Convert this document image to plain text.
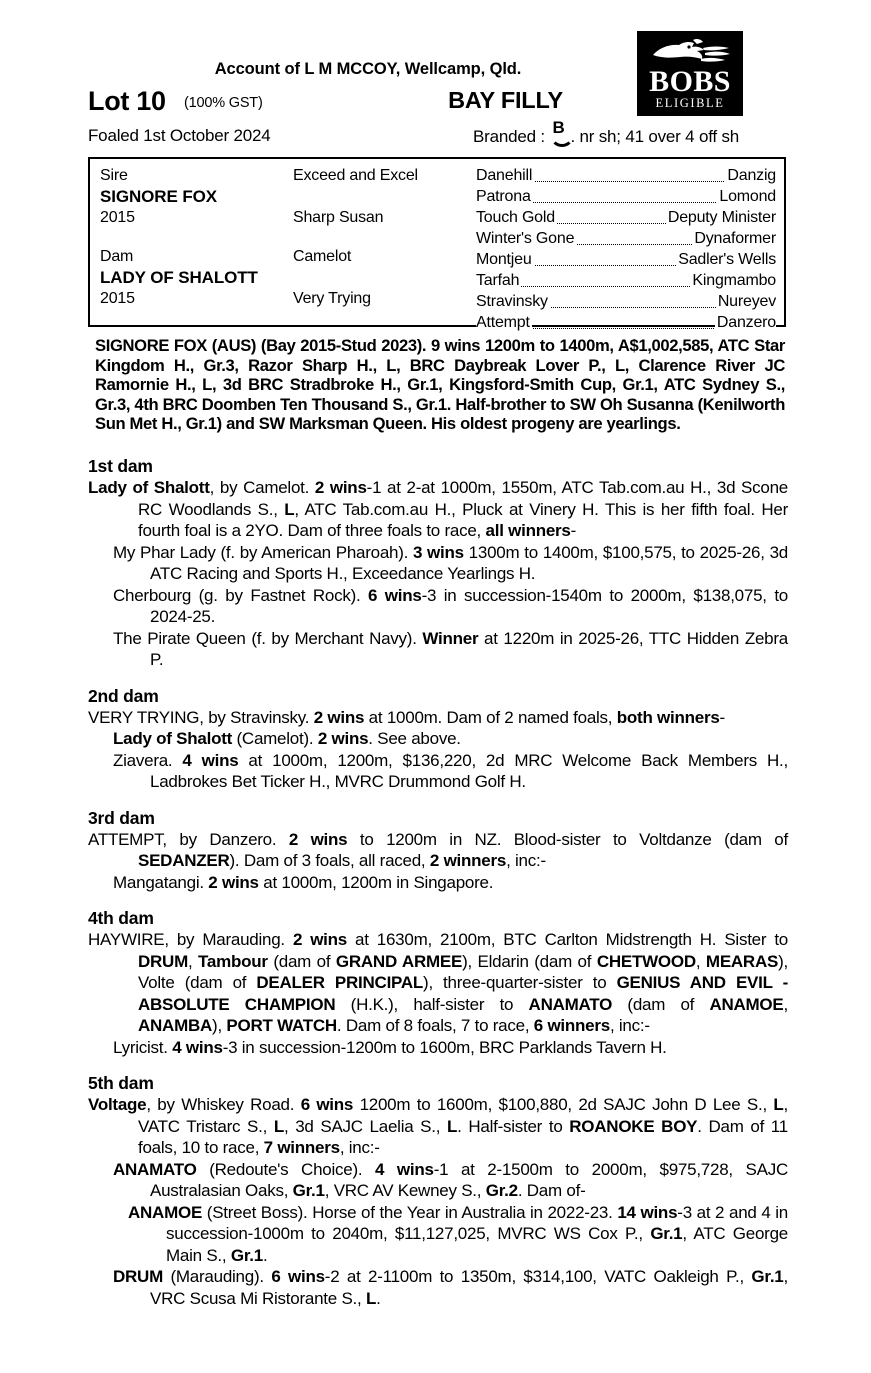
Account of L M MCCOY, Wellcamp, Qld.
Lot 10 (100% GST)	BAY FILLY
Foaled 1st October 2024	Branded : B . nr sh; 41 over 4 off sh
BOBS
ELIGIBLE
Sire
SIGNORE FOX
2015
Dam
LADY OF SHALOTT
2015
Exceed and Excel
Sharp Susan
Camelot
Very Trying
Danzig
Danehill
Lomond
Patrona
Deputy Minister
Touch Gold
Dynaformer
Winter's Gone
Sadler's Wells
Montjeu
Kingmambo
Tarfah
Nureyev
Stravinsky
Danzero
Attempt
SIGNORE FOX (AUS) (Bay 2015-Stud 2023). 9 wins 1200m to 1400m, A$1,002,585, ATC Star Kingdom H., Gr.3, Razor Sharp H., L, BRC Daybreak Lover P., L, Clarence River JC Ramornie H., L, 3d BRC Stradbroke H., Gr.1, Kingsford-Smith Cup, Gr.1, ATC Sydney S., Gr.3, 4th BRC Doomben Ten Thousand S., Gr.1. Half-brother to SW Oh Susanna (Kenilworth Sun Met H., Gr.1) and SW Marksman Queen. His oldest progeny are yearlings.
1st dam
Lady of Shalott, by Camelot. 2 wins-1 at 2-at 1000m, 1550m, ATC Tab.com.au H., 3d Scone RC Woodlands S., L, ATC Tab.com.au H., Pluck at Vinery H. This is her fifth foal. Her fourth foal is a 2YO. Dam of three foals to race, all winners-
My Phar Lady (f. by American Pharoah). 3 wins 1300m to 1400m, $100,575, to 2025-26, 3d ATC Racing and Sports H., Exceedance Yearlings H.
Cherbourg (g. by Fastnet Rock). 6 wins-3 in succession-1540m to 2000m, $138,075, to 2024-25.
The Pirate Queen (f. by Merchant Navy). Winner at 1220m in 2025-26, TTC Hidden Zebra P.
2nd dam
VERY TRYING, by Stravinsky. 2 wins at 1000m. Dam of 2 named foals, both winners-
Lady of Shalott (Camelot). 2 wins. See above.
Ziavera. 4 wins at 1000m, 1200m, $136,220, 2d MRC Welcome Back Members H., Ladbrokes Bet Ticker H., MVRC Drummond Golf H.
3rd dam
ATTEMPT, by Danzero. 2 wins to 1200m in NZ. Blood-sister to Voltdanze (dam of SEDANZER). Dam of 3 foals, all raced, 2 winners, inc:-
Mangatangi. 2 wins at 1000m, 1200m in Singapore.
4th dam
HAYWIRE, by Marauding. 2 wins at 1630m, 2100m, BTC Carlton Midstrength H. Sister to DRUM, Tambour (dam of GRAND ARMEE), Eldarin (dam of CHETWOOD, MEARAS), Volte (dam of DEALER PRINCIPAL), three-quarter-sister to GENIUS AND EVIL - ABSOLUTE CHAMPION (H.K.), half-sister to ANAMATO (dam of ANAMOE, ANAMBA), PORT WATCH. Dam of 8 foals, 7 to race, 6 winners, inc:-
Lyricist. 4 wins-3 in succession-1200m to 1600m, BRC Parklands Tavern H.
5th dam
Voltage, by Whiskey Road. 6 wins 1200m to 1600m, $100,880, 2d SAJC John D Lee S., L, VATC Tristarc S., L, 3d SAJC Laelia S., L. Half-sister to ROANOKE BOY. Dam of 11 foals, 10 to race, 7 winners, inc:-
ANAMATO (Redoute's Choice). 4 wins-1 at 2-1500m to 2000m, $975,728, SAJC Australasian Oaks, Gr.1, VRC AV Kewney S., Gr.2. Dam of-
ANAMOE (Street Boss). Horse of the Year in Australia in 2022-23. 14 wins-3 at 2 and 4 in succession-1000m to 2040m, $11,127,025, MVRC WS Cox P., Gr.1, ATC George Main S., Gr.1.
DRUM (Marauding). 6 wins-2 at 2-1100m to 1350m, $314,100, VATC Oakleigh P., Gr.1, VRC Scusa Mi Ristorante S., L.
